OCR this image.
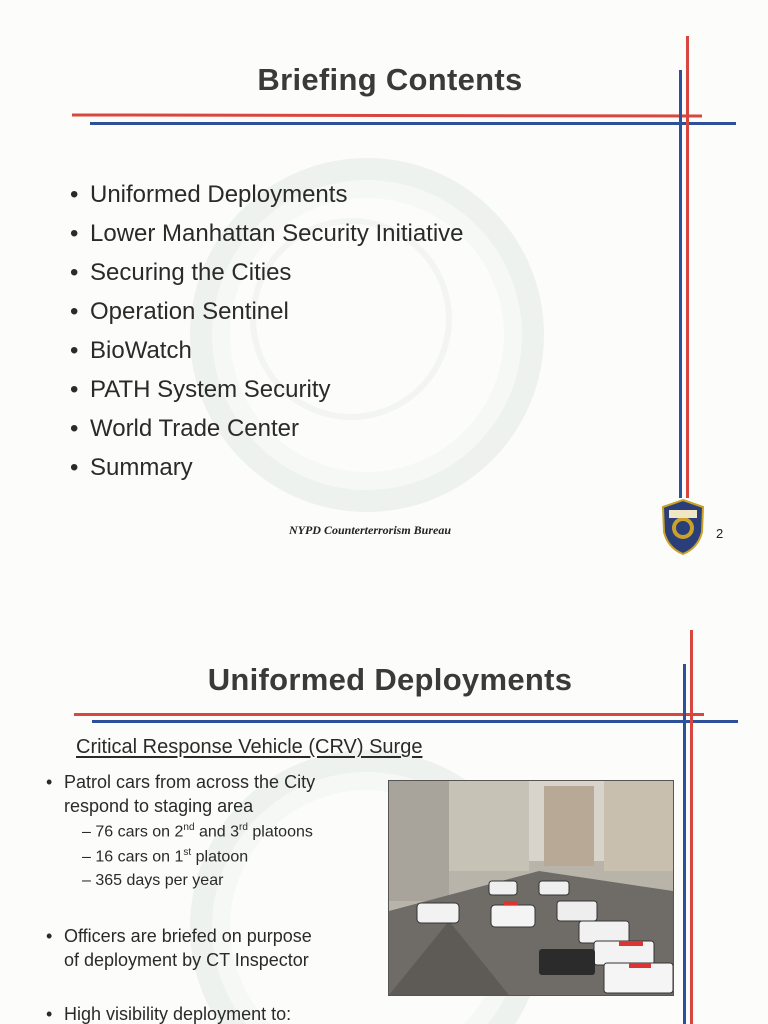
Briefing Contents
• Uniformed Deployments
• Lower Manhattan Security Initiative
• Securing the Cities
• Operation Sentinel
• BioWatch
• PATH System Security
• World Trade Center
• Summary
NYPD Counterterrorism Bureau	2
Uniformed Deployments
Critical Response Vehicle (CRV) Surge
• Patrol cars from across the City
respond to staging area
– 76 cars on 2nd and 3rd platoons
– 16 cars on 1st platoon
– 365 days per year
• Officers are briefed on purpose
of deployment by CT Inspector
• High visibility deployment to:
